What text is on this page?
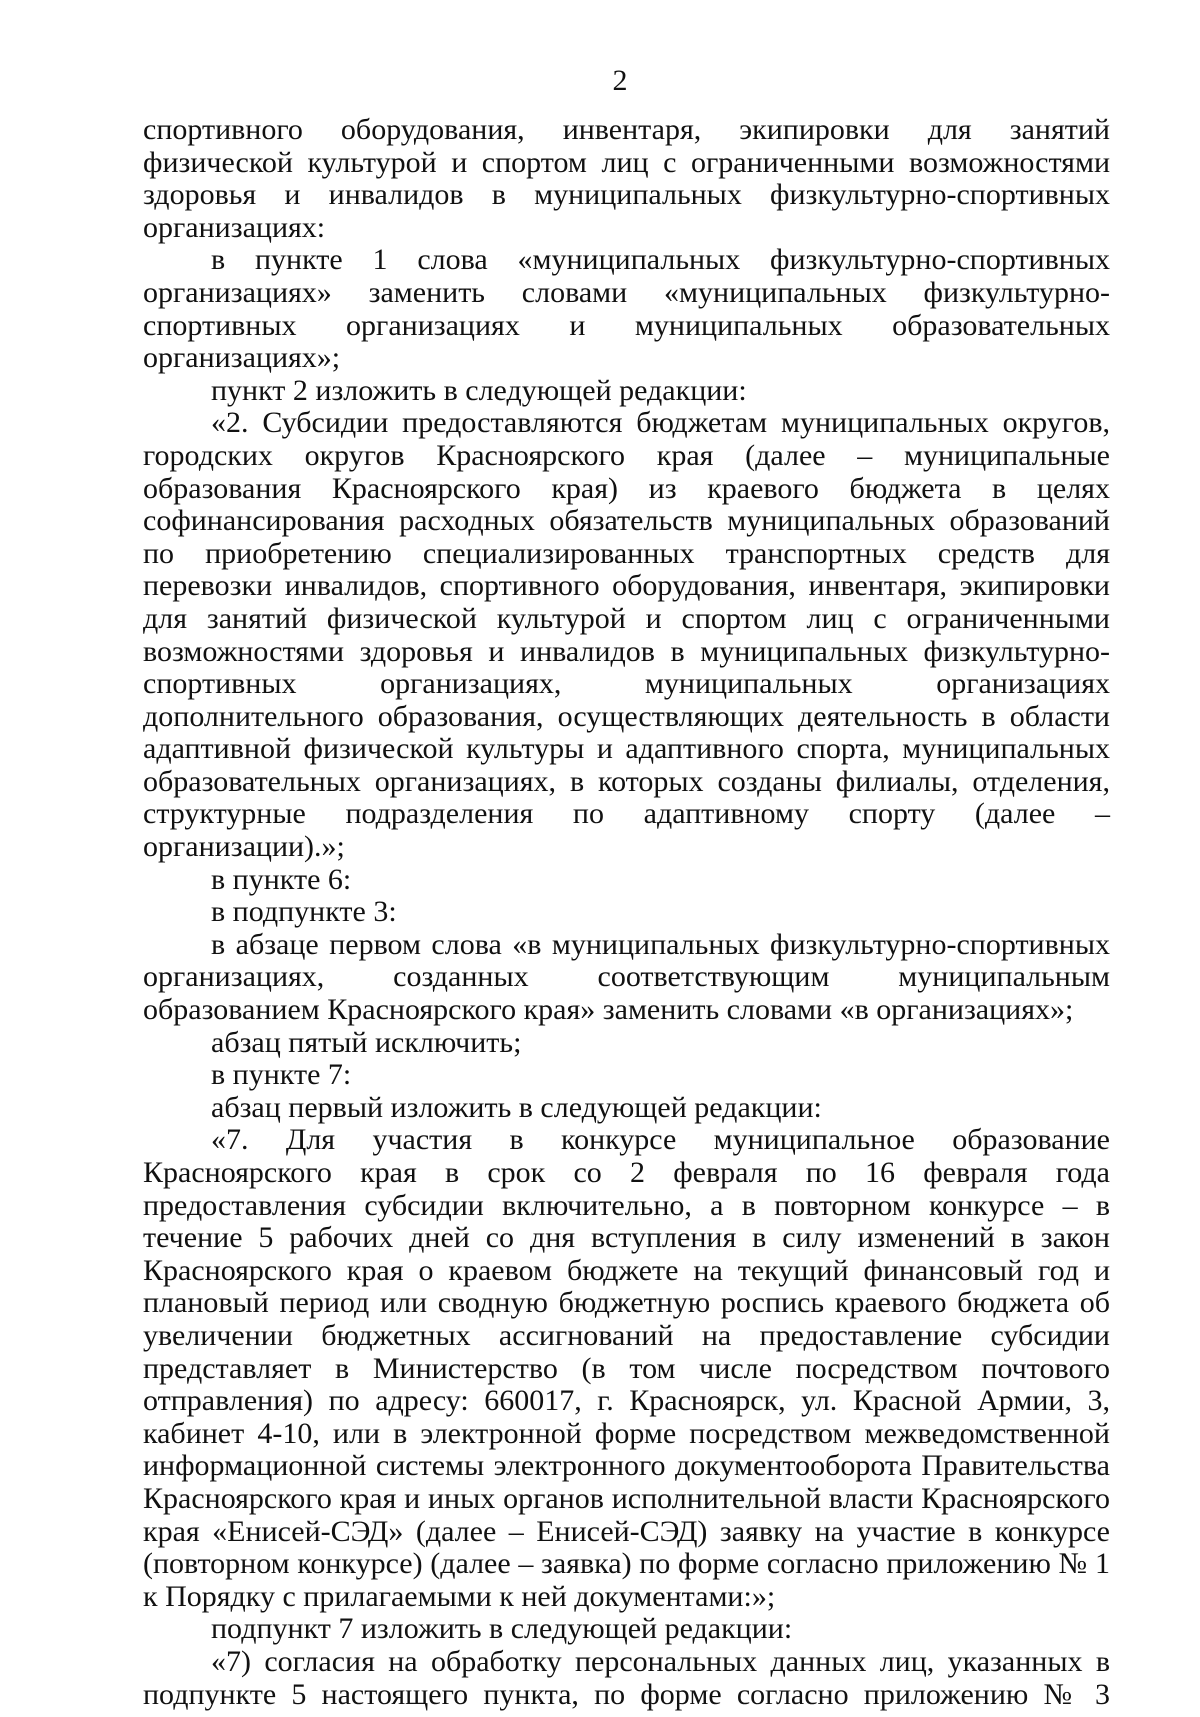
2

спортивного оборудования, инвентаря, экипировки для занятий физической культурой и спортом лиц с ограниченными возможностями здоровья и инвалидов в муниципальных физкультурно-спортивных организациях:

в пункте 1 слова «муниципальных физкультурно-спортивных организациях» заменить словами «муниципальных физкультурно-спортивных организациях и муниципальных образовательных организациях»;

пункт 2 изложить в следующей редакции:

«2. Субсидии предоставляются бюджетам муниципальных округов, городских округов Красноярского края (далее – муниципальные образования Красноярского края) из краевого бюджета в целях софинансирования расходных обязательств муниципальных образований по приобретению специализированных транспортных средств для перевозки инвалидов, спортивного оборудования, инвентаря, экипировки для занятий физической культурой и спортом лиц с ограниченными возможностями здоровья и инвалидов в муниципальных физкультурно-спортивных организациях, муниципальных организациях дополнительного образования, осуществляющих деятельность в области адаптивной физической культуры и адаптивного спорта, муниципальных образовательных организациях, в которых созданы филиалы, отделения, структурные подразделения по адаптивному спорту (далее – организации).»;

в пункте 6:

в подпункте 3:

в абзаце первом слова «в муниципальных физкультурно-спортивных организациях, созданных соответствующим муниципальным образованием Красноярского края» заменить словами «в организациях»;

абзац пятый исключить;

в пункте 7:

абзац первый изложить в следующей редакции:

«7. Для участия в конкурсе муниципальное образование Красноярского края в срок со 2 февраля по 16 февраля года предоставления субсидии включительно, а в повторном конкурсе – в течение 5 рабочих дней со дня вступления в силу изменений в закон Красноярского края о краевом бюджете на текущий финансовый год и плановый период или сводную бюджетную роспись краевого бюджета об увеличении бюджетных ассигнований на предоставление субсидии представляет в Министерство (в том числе посредством почтового отправления) по адресу: 660017, г. Красноярск, ул. Красной Армии, 3, кабинет 4-10, или в электронной форме посредством межведомственной информационной системы электронного документооборота Правительства Красноярского края и иных органов исполнительной власти Красноярского края «Енисей-СЭД» (далее – Енисей-СЭД) заявку на участие в конкурсе (повторном конкурсе) (далее – заявка) по форме согласно приложению № 1 к Порядку с прилагаемыми к ней документами:»;

подпункт 7 изложить в следующей редакции:

«7) согласия на обработку персональных данных лиц, указанных в подпункте 5 настоящего пункта, по форме согласно приложению № 3
